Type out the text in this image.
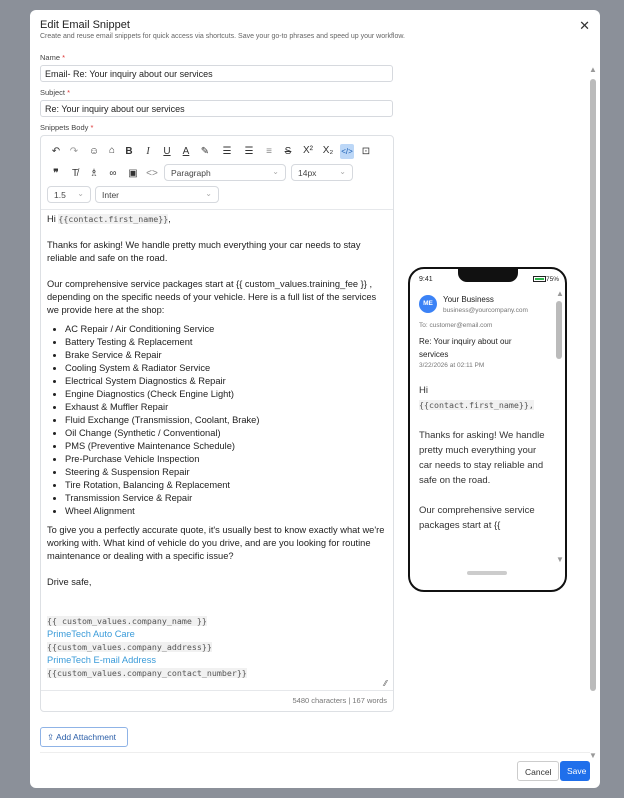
Edit Email Snippet
Create and reuse email snippets for quick access via shortcuts. Save your go-to phrases and speed up your workflow.
✕
Name *
Email- Re: Your inquiry about our services
Subject *
Re: Your inquiry about our services
Snippets Body *
↶ ↷ ☺ ⌂	B	I	U	A	✎ ☰ ☰	≡	S	X² X₂ </> ⊡
❞	T̸	♗	∞	▣ <>	Paragraph	⌄	14px	⌄
1.5 ⌄	Inter	⌄
Hi {{contact.first_name}},

Thanks for asking! We handle pretty much everything your car needs to stay reliable and safe on the road.

Our comprehensive service packages start at {{ custom_values.training_fee }} , depending on the specific needs of your vehicle. Here is a full list of the services we provide here at the shop:
• AC Repair / Air Conditioning Service
• Battery Testing & Replacement
• Brake Service & Repair
• Cooling System & Radiator Service
• Electrical System Diagnostics & Repair
• Engine Diagnostics (Check Engine Light)
• Exhaust & Muffler Repair
• Fluid Exchange (Transmission, Coolant, Brake)
• Oil Change (Synthetic / Conventional)
• PMS (Preventive Maintenance Schedule)
• Pre-Purchase Vehicle Inspection
• Steering & Suspension Repair
• Tire Rotation, Balancing & Replacement
• Transmission Service & Repair
• Wheel Alignment
To give you a perfectly accurate quote, it's usually best to know exactly what we're working with. What kind of vehicle do you drive, and are you looking for routine maintenance or dealing with a specific issue?

Drive safe,

{{ custom_values.company_name }}
PrimeTech Auto Care
{{custom_values.company_address}}
PrimeTech E-mail Address
{{custom_values.company_contact_number}}
⁄⁄
5480 characters | 167 words
9:41	75%
ME	Your Business
business@yourcompany.com
To: customer@email.com
Re: Your inquiry about our services
3/22/2026 at 02:11 PM
Hi
{{contact.first_name}},

Thanks for asking! We handle pretty much everything your car needs to stay reliable and safe on the road.

Our comprehensive service packages start at {{
▲
▼
▲
▼
⇪ Add Attachment
Cancel	Save
